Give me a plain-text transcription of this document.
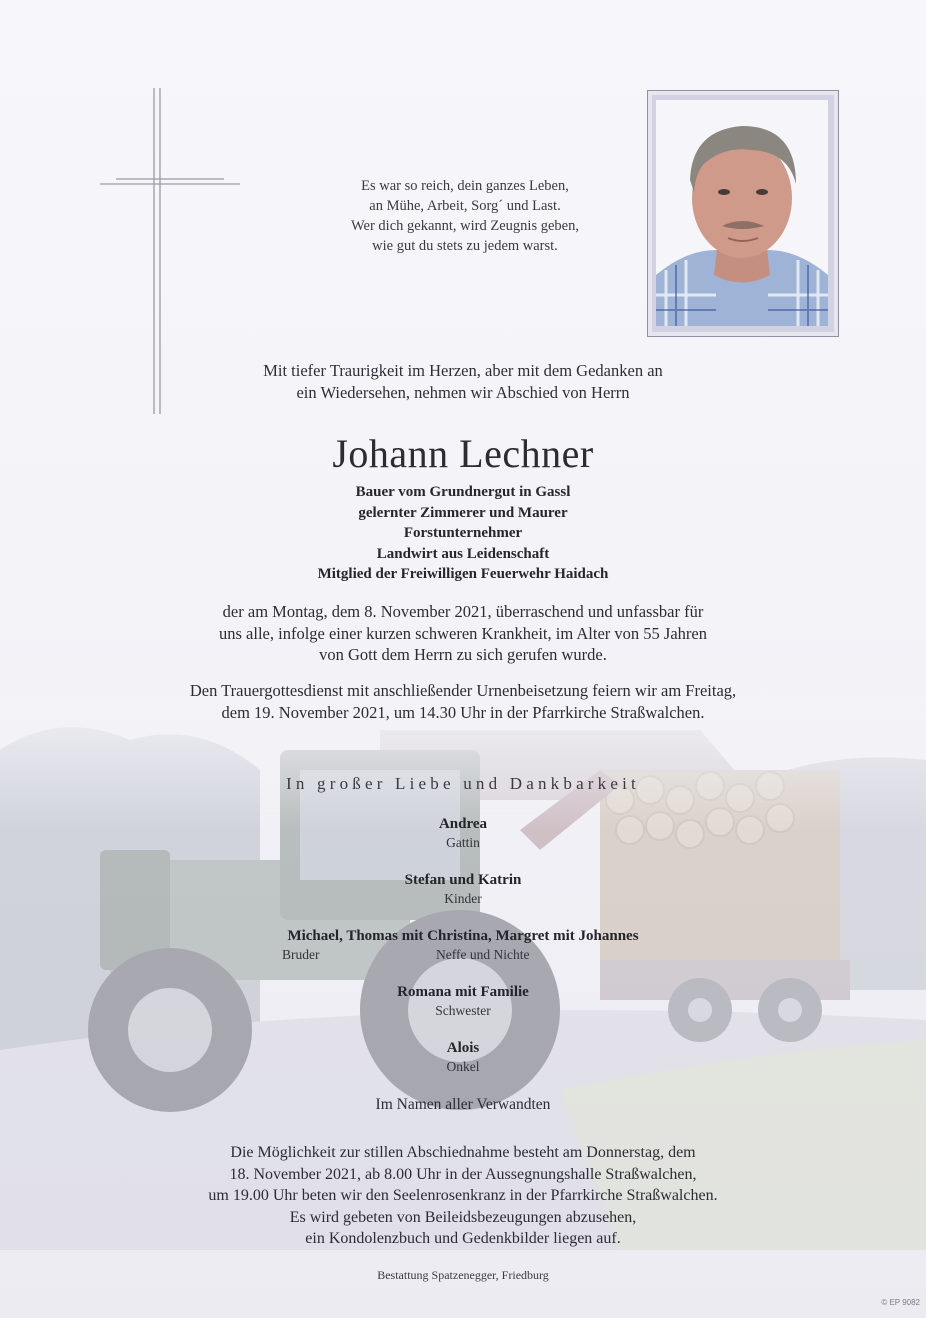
Es war so reich, dein ganzes Leben,
an Mühe, Arbeit, Sorg´ und Last.
Wer dich gekannt, wird Zeugnis geben,
wie gut du stets zu jedem warst.
Mit tiefer Traurigkeit im Herzen, aber mit dem Gedanken an
ein Wiedersehen, nehmen wir Abschied von Herrn
Johann Lechner
Bauer vom Grundnergut in Gassl
gelernter Zimmerer und Maurer
Forstunternehmer
Landwirt aus Leidenschaft
Mitglied der Freiwilligen Feuerwehr Haidach
der am Montag, dem 8. November 2021, überraschend und unfassbar für
uns alle, infolge einer kurzen schweren Krankheit, im Alter von 55 Jahren
von Gott dem Herrn zu sich gerufen wurde.
Den Trauergottesdienst mit anschließender Urnenbeisetzung feiern wir am Freitag,
dem 19. November 2021, um 14.30 Uhr in der Pfarrkirche Straßwalchen.
In großer Liebe und Dankbarkeit
Andrea
Gattin
Stefan und Katrin
Kinder
Michael, Thomas mit Christina, Margret mit Johannes
Bruder	Neffe und Nichte
Romana mit Familie
Schwester
Alois
Onkel
Im Namen aller Verwandten
Die Möglichkeit zur stillen Abschiednahme besteht am Donnerstag, dem
18. November 2021, ab 8.00 Uhr in der Aussegnungshalle Straßwalchen,
um 19.00 Uhr beten wir den Seelenrosenkranz in der Pfarrkirche Straßwalchen.
Es wird gebeten von Beileidsbezeugungen abzusehen,
ein Kondolenzbuch und Gedenkbilder liegen auf.
Bestattung Spatzenegger, Friedburg
© EP 9082
